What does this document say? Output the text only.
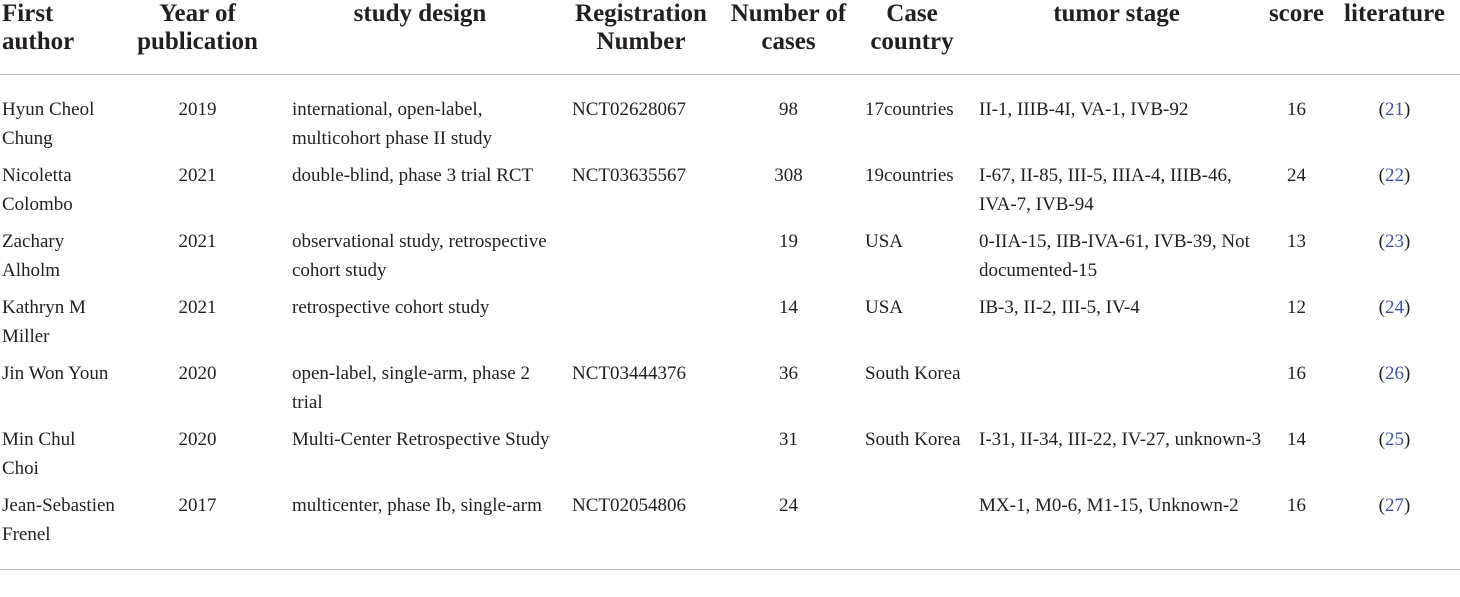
First author	Year of publication	study design	Registration Number	Number of cases	Case country	tumor stage	score	literature
Hyun Cheol Chung	2019	international, open-label, multicohort phase II study	NCT02628067	98	17countries	II-1, IIIB-4I, VA-1, IVB-92	16	(21)
Nicoletta Colombo	2021	double-blind, phase 3 trial RCT	NCT03635567	308	19countries	I-67, II-85, III-5, IIIA-4, IIIB-46, IVA-7, IVB-94	24	(22)
Zachary Alholm	2021	observational study, retrospective cohort study		19	USA	0-IIA-15, IIB-IVA-61, IVB-39, Not documented-15	13	(23)
Kathryn M Miller	2021	retrospective cohort study		14	USA	IB-3, II-2, III-5, IV-4	12	(24)
Jin Won Youn	2020	open-label, single-arm, phase 2 trial	NCT03444376	36	South Korea		16	(26)
Min Chul Choi	2020	Multi-Center Retrospective Study		31	South Korea	I-31, II-34, III-22, IV-27, unknown-3	14	(25)
Jean-Sebastien Frenel	2017	multicenter, phase Ib, single-arm	NCT02054806	24		MX-1, M0-6, M1-15, Unknown-2	16	(27)
